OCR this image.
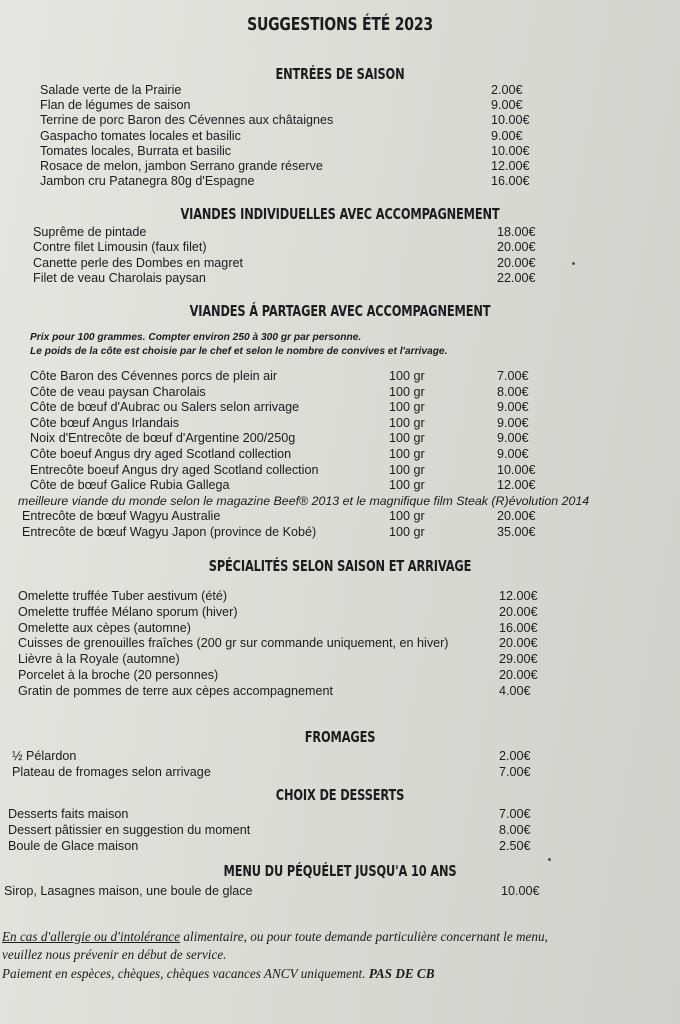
SUGGESTIONS ÉTÉ 2023
ENTRÉES DE SAISON
Salade verte de la Prairie	2.00€
Flan de légumes de saison	9.00€
Terrine de porc Baron des Cévennes aux châtaignes	10.00€
Gaspacho tomates locales et basilic	9.00€
Tomates locales, Burrata et basilic	10.00€
Rosace de melon, jambon Serrano grande réserve	12.00€
Jambon cru Patanegra 80g d'Espagne	16.00€
VIANDES INDIVIDUELLES AVEC ACCOMPAGNEMENT
Suprême de pintade	18.00€
Contre filet Limousin (faux filet)	20.00€
Canette perle des Dombes en magret	20.00€
Filet de veau Charolais paysan	22.00€
VIANDES Á PARTAGER AVEC ACCOMPAGNEMENT
Prix pour 100 grammes. Compter environ 250 à 300 gr par personne.
Le poids de la côte est choisie par le chef et selon le nombre de convives et l'arrivage.
Côte Baron des Cévennes porcs de plein air	100 gr	7.00€
Côte de veau paysan Charolais	100 gr	8.00€
Côte de bœuf d'Aubrac ou Salers selon arrivage	100 gr	9.00€
Côte bœuf Angus Irlandais	100 gr	9.00€
Noix d'Entrecôte de bœuf d'Argentine 200/250g	100 gr	9.00€
Côte boeuf Angus dry aged Scotland collection	100 gr	9.00€
Entrecôte boeuf Angus dry aged Scotland collection	100 gr	10.00€
Côte de bœuf Galice Rubia Gallega	100 gr	12.00€
meilleure viande du monde selon le magazine Beef® 2013 et le magnifique film Steak (R)évolution 2014
Entrecôte de bœuf Wagyu Australie	100 gr	20.00€
Entrecôte de bœuf Wagyu Japon (province de Kobé)	100 gr	35.00€
SPÉCIALITÉS SELON SAISON ET ARRIVAGE
Omelette truffée Tuber aestivum (été)	12.00€
Omelette truffée Mélano sporum (hiver)	20.00€
Omelette aux cèpes (automne)	16.00€
Cuisses de grenouilles fraîches (200 gr sur commande uniquement, en hiver)	20.00€
Lièvre à la Royale (automne)	29.00€
Porcelet à la broche (20 personnes)	20.00€
Gratin de pommes de terre aux cèpes accompagnement	4.00€
FROMAGES
½ Pélardon	2.00€
Plateau de fromages selon arrivage	7.00€
CHOIX DE DESSERTS
Desserts faits maison	7.00€
Dessert pâtissier en suggestion du moment	8.00€
Boule de Glace maison	2.50€
MENU DU PÉQUÉLET JUSQU'A 10 ANS
Sirop, Lasagnes maison, une boule de glace	10.00€
En cas d'allergie ou d'intolérance alimentaire, ou pour toute demande particulière concernant le menu,
veuillez nous prévenir en début de service.
Paiement en espèces, chèques, chèques vacances ANCV uniquement. PAS DE CB
